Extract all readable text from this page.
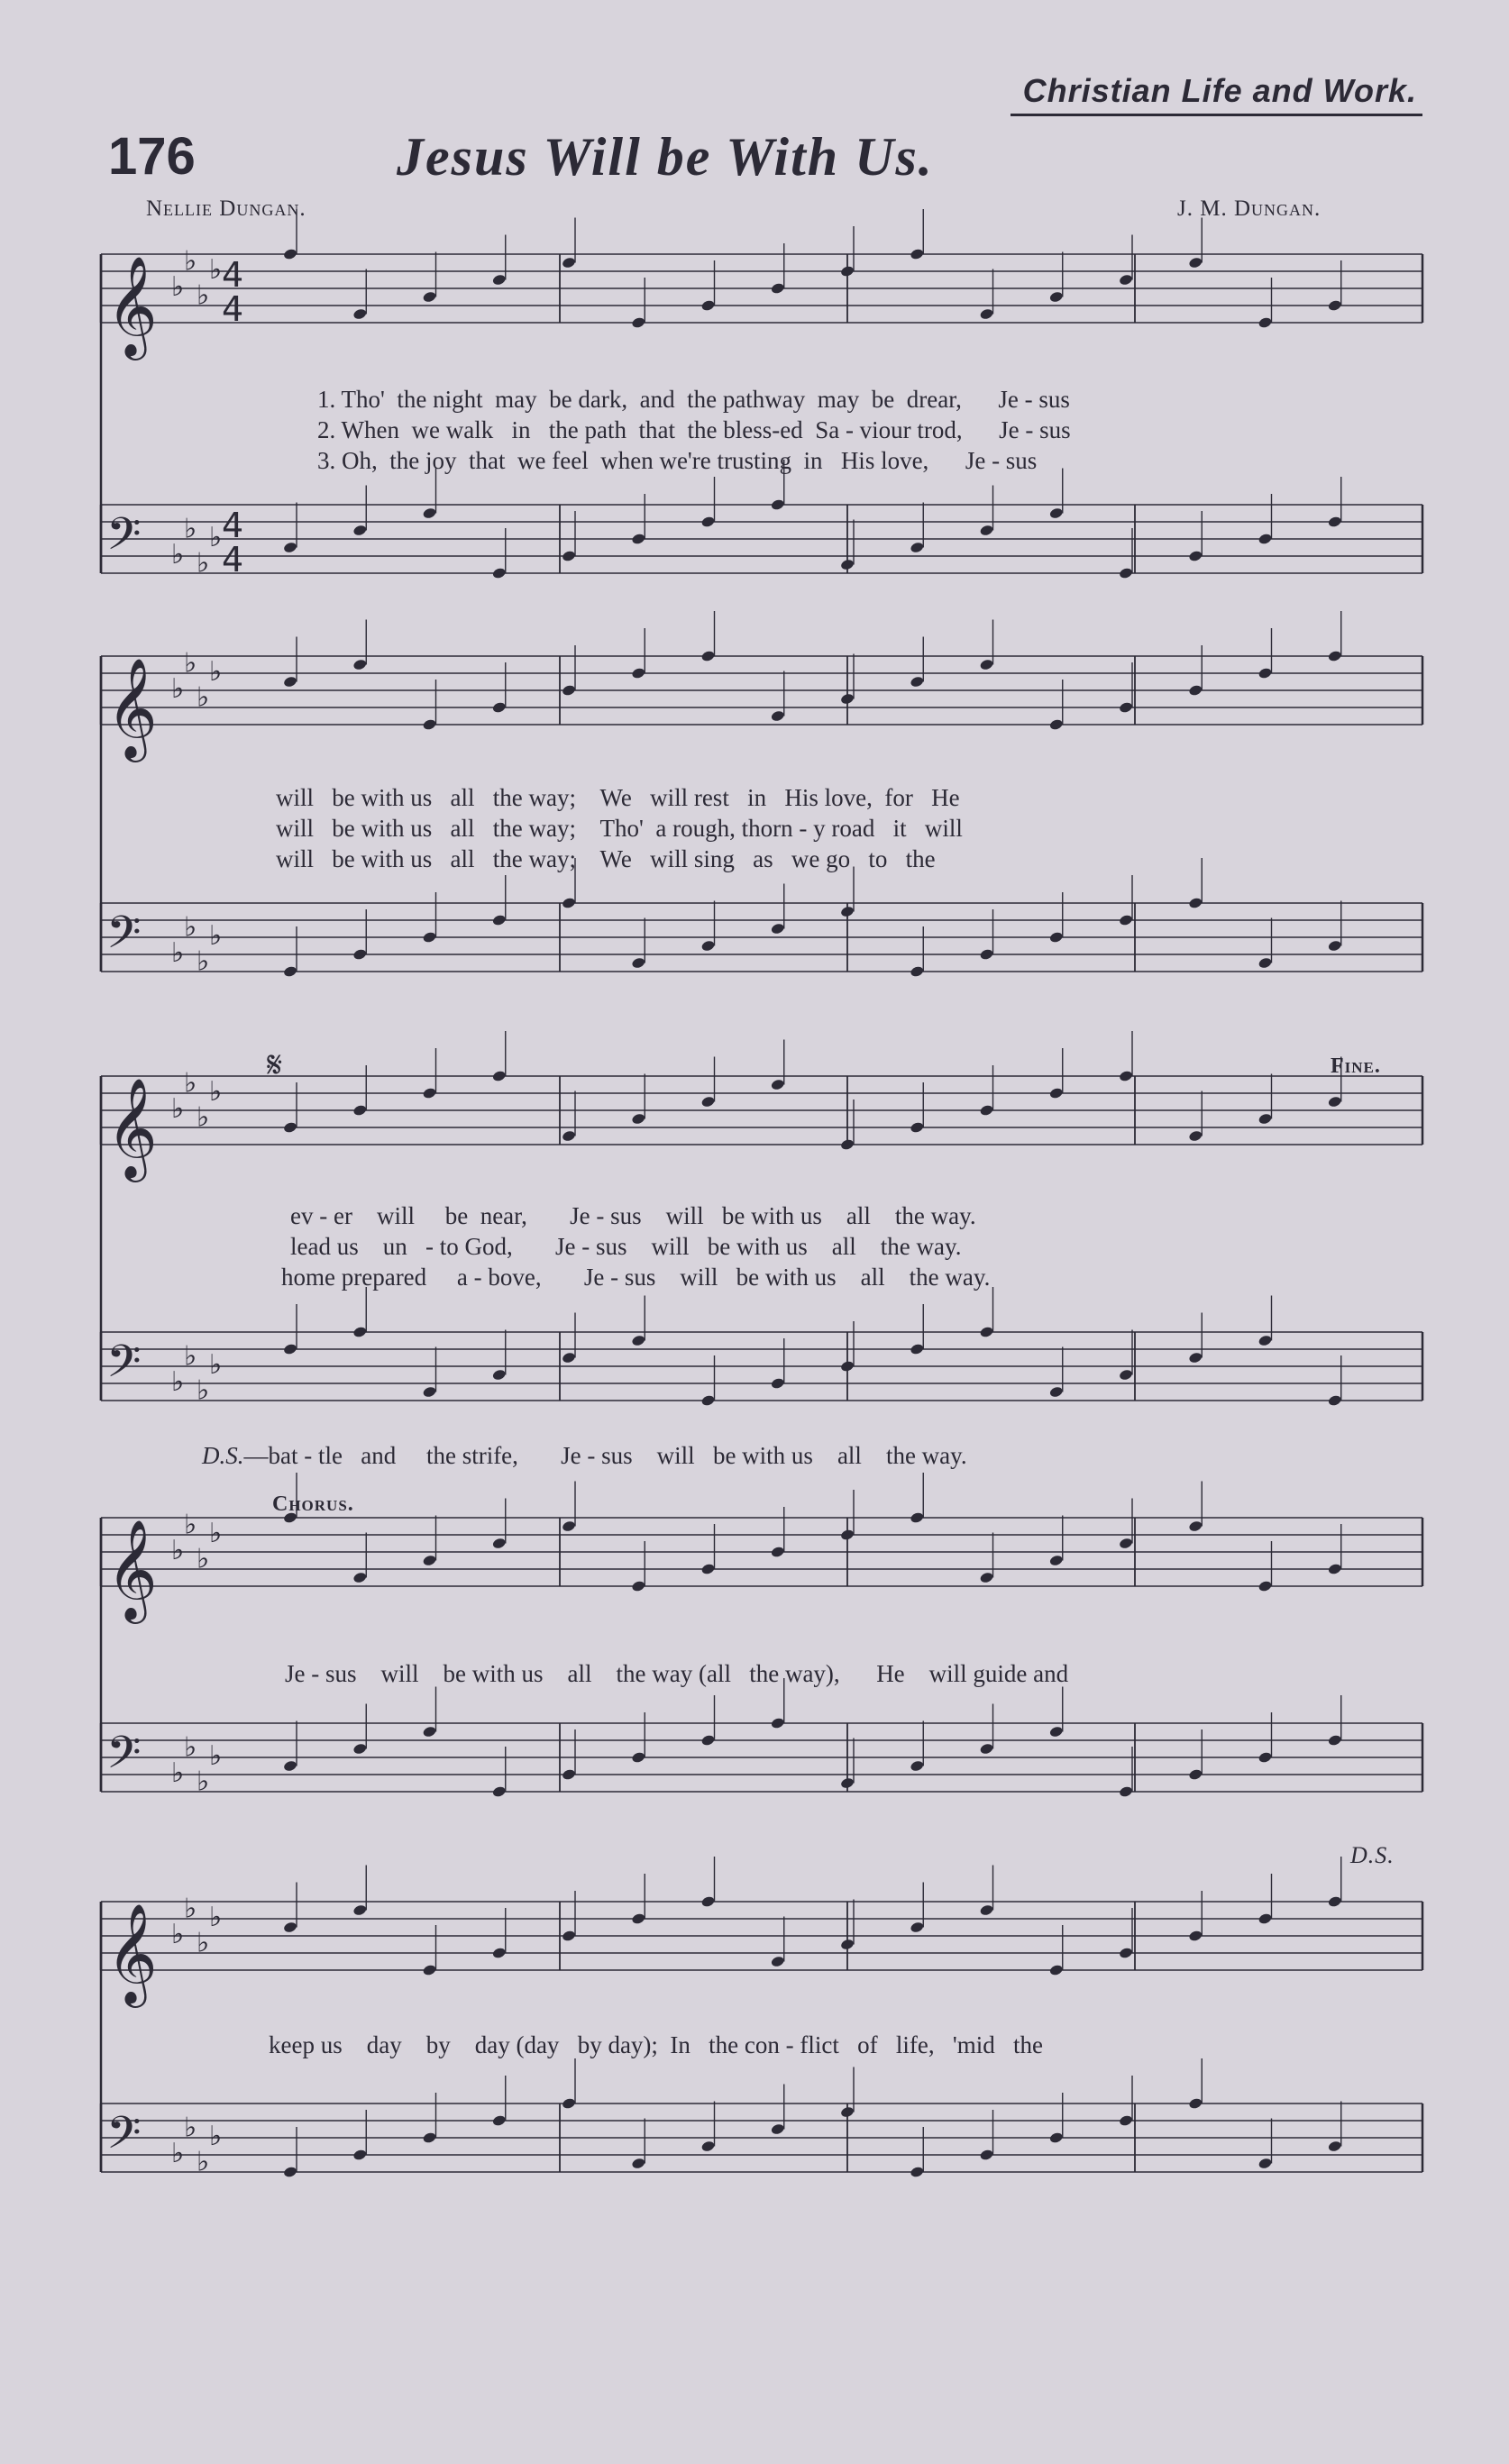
Christian Life and Work.
176	Jesus Will be With Us.
Nellie Dungan.	J. M. Dungan.
𝄞 ♭
♭
♭
♭ 4
4
𝄢 ♭
♭
♭
♭ 4
4
𝄞 ♭
♭
♭
♭
𝄢 ♭
♭
♭
♭
𝄞 ♭
♭
♭
♭
𝄢 ♭
♭
♭
♭
𝄞 ♭
♭
♭
♭
𝄢 ♭
♭
♭
♭
𝄞 ♭
♭
♭
♭
𝄢 ♭
♭
♭
♭
1. Tho' the night may be dark, and the pathway may be drear, Je - sus
2. When we walk in the path that the bless-ed Sa - viour trod, Je - sus
3. Oh, the joy that we feel when we're trusting in His love, Je - sus
will be with us all the way; We will rest in His love, for He
will be with us all the way; Tho' a rough, thorn - y road it will
will be with us all the way; We will sing as we go to the
𝄋	Fine.
ev - er will be near, Je - sus will be with us all the way.
lead us un - to God, Je - sus will be with us all the way.
home prepared a - bove, Je - sus will be with us all the way.
D.S.—bat - tle and the strife, Je - sus will be with us all the way.
Chorus.
Je - sus will be with us all the way (all the way), He will guide and
D.S.
keep us day by day (day by day); In the con - flict of life, 'mid the
